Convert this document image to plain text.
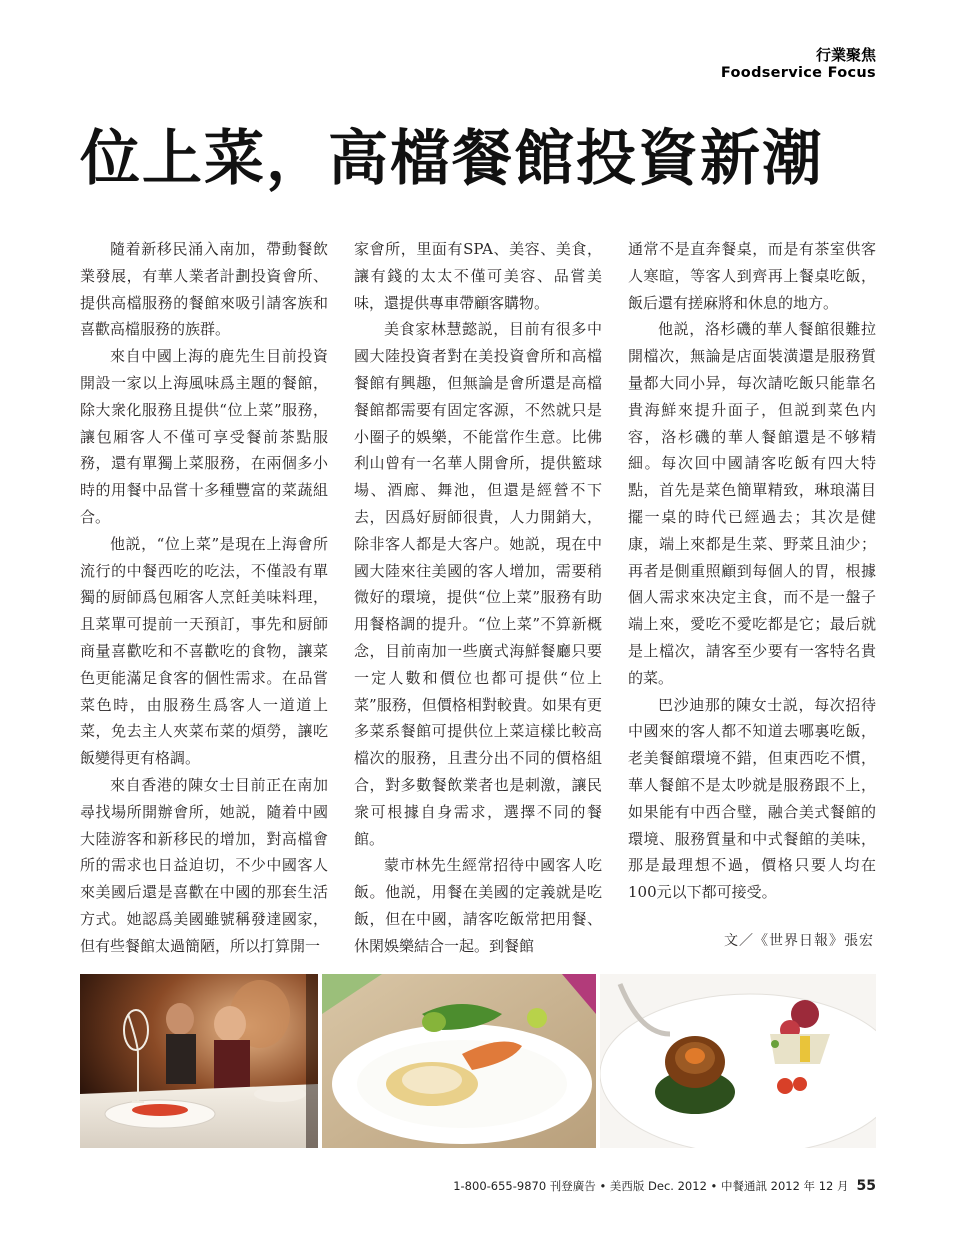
行業聚焦
Foodservice Focus
位上菜，高檔餐館投資新潮

隨着新移民涌入南加，帶動餐飲業發展，有華人業者計劃投資會所、提供高檔服務的餐館來吸引請客族和喜歡高檔服務的族群。

來自中國上海的鹿先生目前投資開設一家以上海風味爲主題的餐館，除大衆化服務且提供“位上菜”服務，讓包厢客人不僅可享受餐前茶點服務，還有單獨上菜服務，在兩個多小時的用餐中品嘗十多種豐富的菜蔬組合。

他説，“位上菜”是現在上海會所流行的中餐西吃的吃法，不僅設有單獨的厨師爲包厢客人烹飪美味料理，且菜單可提前一天預訂，事先和厨師商量喜歡吃和不喜歡吃的食物，讓菜色更能滿足食客的個性需求。在品嘗菜色時，由服務生爲客人一道道上菜，免去主人夾菜布菜的煩勞，讓吃飯變得更有格調。

來自香港的陳女士目前正在南加尋找場所開辦會所，她説，隨着中國大陸游客和新移民的增加，對高檔會所的需求也日益迫切，不少中國客人來美國后還是喜歡在中國的那套生活方式。她認爲美國雖號稱發達國家，但有些餐館太過簡陋，所以打算開一

家會所，里面有SPA、美容、美食，讓有錢的太太不僅可美容、品嘗美味，還提供專車帶顧客購物。

美食家林慧懿説，目前有很多中國大陸投資者對在美投資會所和高檔餐館有興趣，但無論是會所還是高檔餐館都需要有固定客源，不然就只是小圈子的娛樂，不能當作生意。比佛利山曾有一名華人開會所，提供籃球場、酒廊、舞池，但還是經營不下去，因爲好厨師很貴，人力開銷大，除非客人都是大客户。她説，現在中國大陸來往美國的客人增加，需要稍微好的環境，提供“位上菜”服務有助用餐格調的提升。“位上菜”不算新概念，目前南加一些廣式海鮮餐廳只要一定人數和價位也都可提供“位上菜”服務，但價格相對較貴。如果有更多菜系餐館可提供位上菜這樣比較高檔次的服務，且晝分出不同的價格組合，對多數餐飲業者也是刺激，讓民衆可根據自身需求，選擇不同的餐館。

蒙市林先生經常招待中國客人吃飯。他説，用餐在美國的定義就是吃飯，但在中國，請客吃飯常把用餐、休閑娛樂結合一起。到餐館

通常不是直奔餐桌，而是有茶室供客人寒暄，等客人到齊再上餐桌吃飯，飯后還有搓麻將和休息的地方。

他説，洛杉磯的華人餐館很難拉開檔次，無論是店面裝潢還是服務質量都大同小异，每次請吃飯只能靠名貴海鮮來提升面子，但説到菜色内容，洛杉磯的華人餐館還是不够精細。每次回中國請客吃飯有四大特點，首先是菜色簡單精致，琳琅滿目擺一桌的時代已經過去；其次是健康，端上來都是生菜、野菜且油少；再者是側重照顧到每個人的胃，根據個人需求來决定主食，而不是一盤子端上來，愛吃不愛吃都是它；最后就是上檔次，請客至少要有一客特名貴的菜。

巴沙迪那的陳女士説，每次招待中國來的客人都不知道去哪裏吃飯，老美餐館環境不錯，但東西吃不慣，華人餐館不是太吵就是服務跟不上，如果能有中西合璧，融合美式餐館的環境、服務質量和中式餐館的美味，那是最理想不過，價格只要人均在100元以下都可接受。

文／《世界日報》張宏
1-800-655-9870 刊登廣告 • 美西版 Dec. 2012 • 中餐通訊 2012 年 12 月 55
